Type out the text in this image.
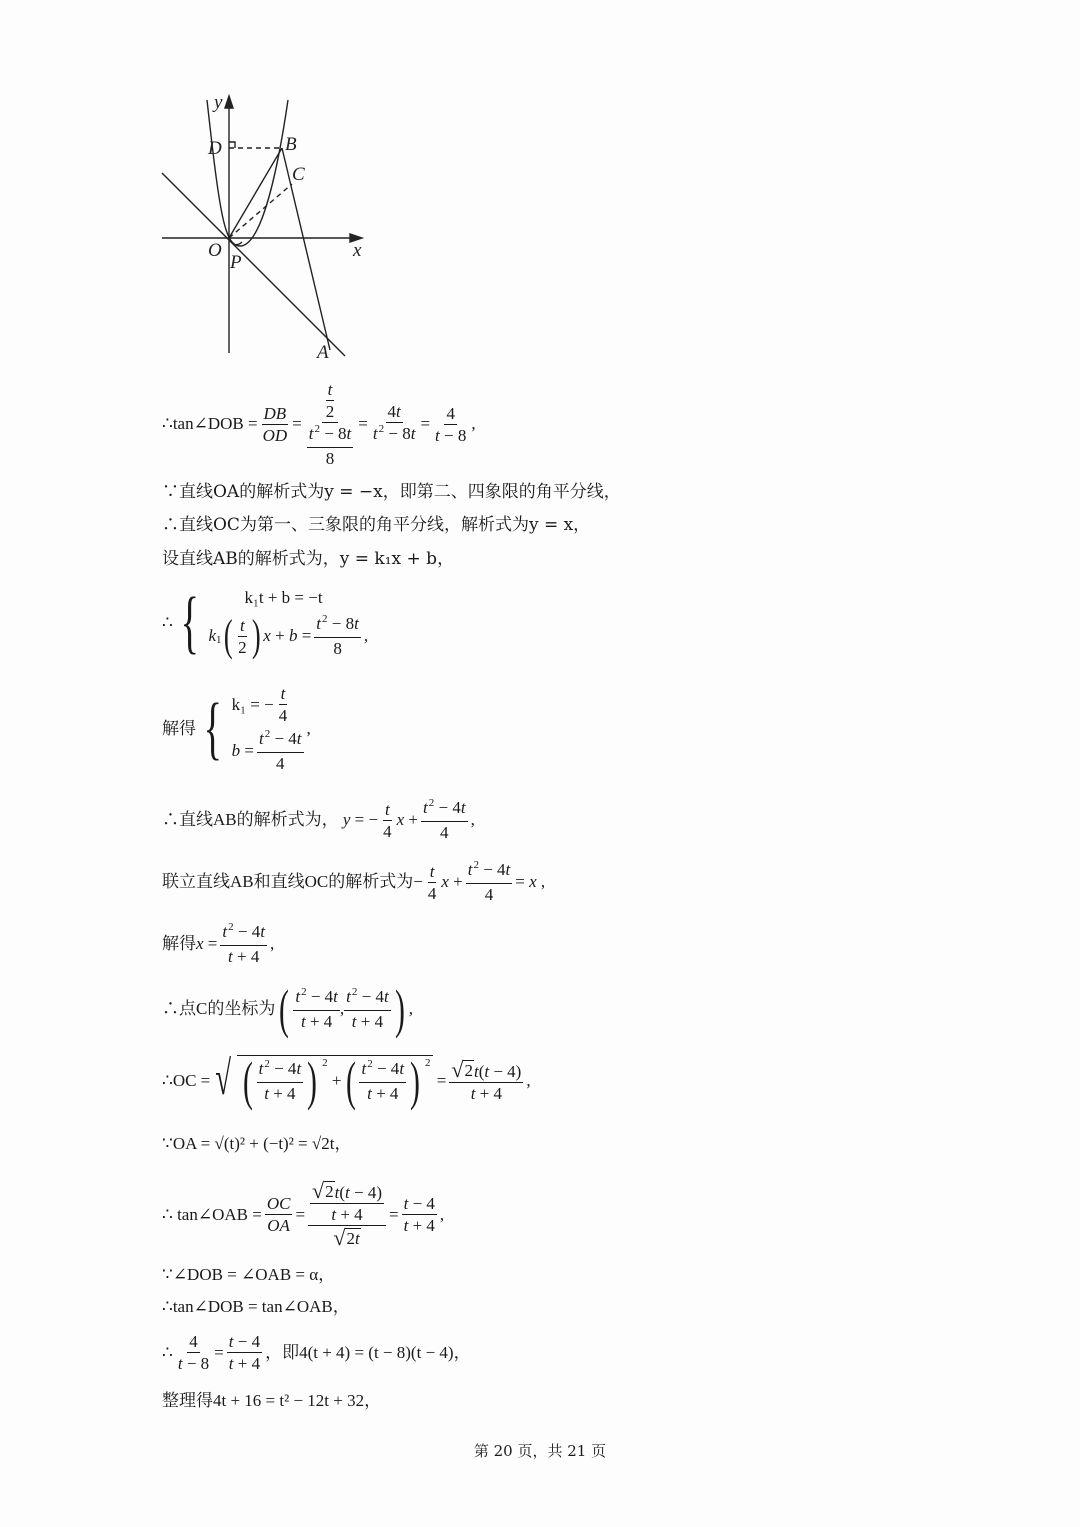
y
x
O
P
A
B
C
D
∴tan∠DOB = $\frac{DB}{OD} = \frac{\frac{t}{2}}{\frac{t^2 - 8t}{8}} = \frac{4t}{t^2 - 8t} = \frac{4}{t - 8}$ ,
∵直线OA的解析式为y = −x，即第二、四象限的角平分线，
∴直线OC为第一、三象限的角平分线，解析式为y = x，
设直线AB的解析式为，y = k₁x + b，
∴ {	k₁t + b = −t
k 1 ( $\frac{t}{2}$ ) $x + b = \frac{t^2 - 8t}{8}$ ,
解得 { k₁ = − $\frac{t}{4}$
$b = \frac{t^2 - 4t}{4}$
,
∴直线AB的解析式为， y = − $\frac{t}{4}$ $x + \frac{t^2 - 4t}{4}$ ,
联立直线AB和直线OC的解析式为 − $\frac{t}{4}$ $x + \frac{t^2 - 4t}{4} = x$ ,
解得 $x = \frac{t^2 - 4t}{t + 4}$ ,
∴点C的坐标为 ( $\frac{t^2 - 4t}{t + 4}$ , $\frac{t^2 - 4t}{t + 4}$ ) ,
∴OC = √ ( $\frac{t^2 - 4t}{t + 4}$ ) 2
+ ( $\frac{t^2 - 4t}{t + 4}$ ) 2
= $\frac{√ 2 t(t - 4)}{t + 4}$ ,
∵OA = √(t)² + (−t)² = √2t，
∴ tan∠OAB = $\frac{OC}{OA} = \frac{\frac{√ 2 t(t - 4)}{t + 4}}{√ 2t} = \frac{t - 4}{t + 4}$ ,
∵∠DOB = ∠OAB = α，
∴tan∠DOB = tan∠OAB，
∴ $\frac{4}{t - 8} = \frac{t - 4}{t + 4}$ ，即4(t + 4) = (t − 8)(t − 4)，
整理得4t + 16 = t² − 12t + 32，
第 20 页，共 21 页
